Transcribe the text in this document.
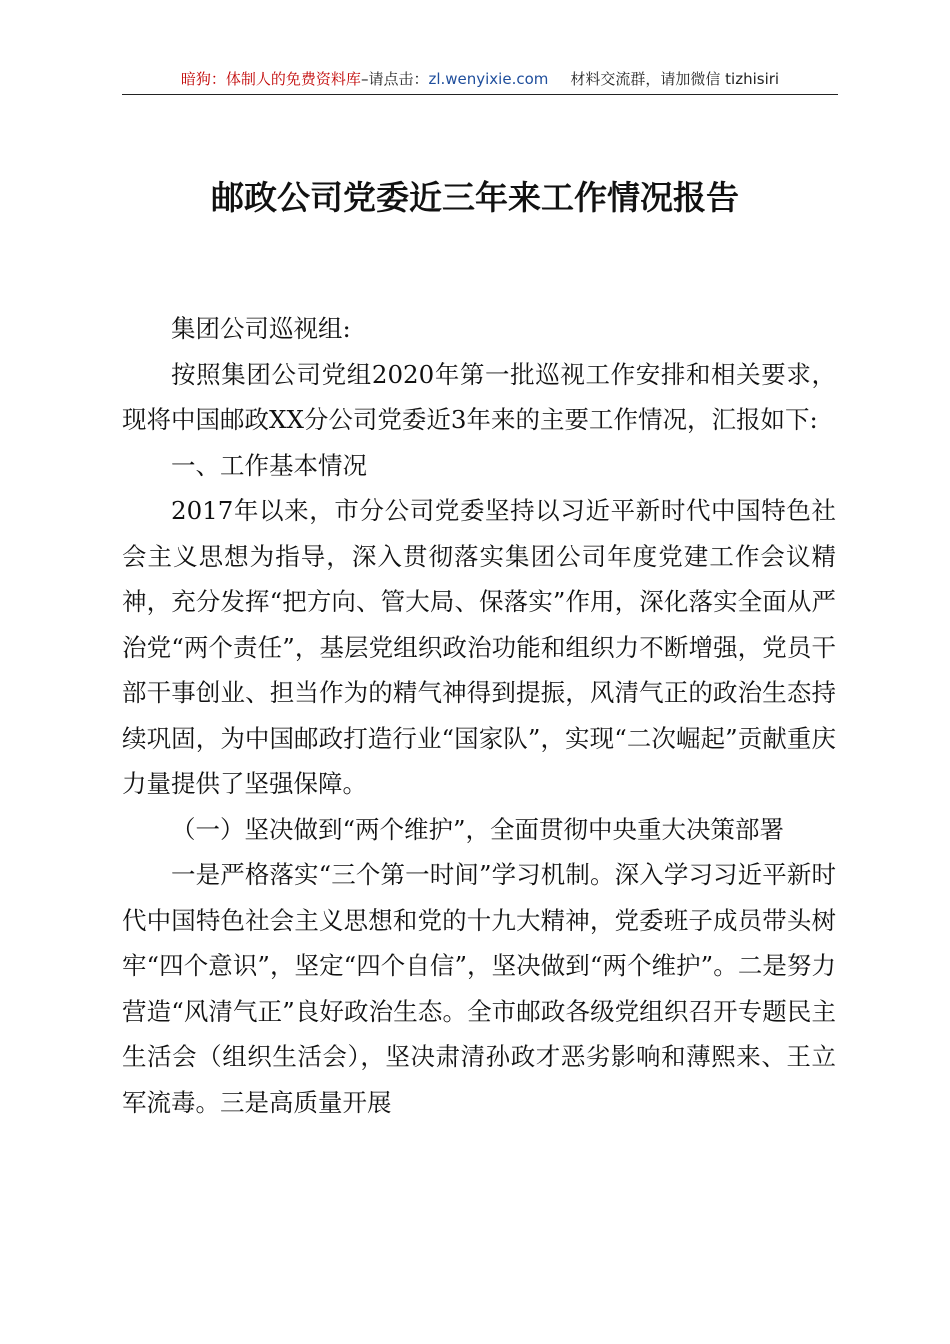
暗狗：体制人的免费资料库–请点击：zl.wenyixie.com 材料交流群，请加微信 tizhisiri
邮政公司党委近三年来工作情况报告

集团公司巡视组:

按照集团公司党组2020年第一批巡视工作安排和相关要求，现将中国邮政XX分公司党委近3年来的主要工作情况，汇报如下:

一、工作基本情况

2017年以来，市分公司党委坚持以习近平新时代中国特色社会主义思想为指导，深入贯彻落实集团公司年度党建工作会议精神，充分发挥“把方向、管大局、保落实”作用，深化落实全面从严治党“两个责任”，基层党组织政治功能和组织力不断增强，党员干部干事创业、担当作为的精气神得到提振，风清气正的政治生态持续巩固，为中国邮政打造行业“国家队”，实现“二次崛起”贡献重庆力量提供了坚强保障。

（一）坚决做到“两个维护”，全面贯彻中央重大决策部署

一是严格落实“三个第一时间”学习机制。深入学习习近平新时代中国特色社会主义思想和党的十九大精神，党委班子成员带头树牢“四个意识”，坚定“四个自信”，坚决做到“两个维护”。二是努力营造“风清气正”良好政治生态。全市邮政各级党组织召开专题民主生活会（组织生活会），坚决肃清孙政才恶劣影响和薄熙来、王立军流毒。三是高质量开展
